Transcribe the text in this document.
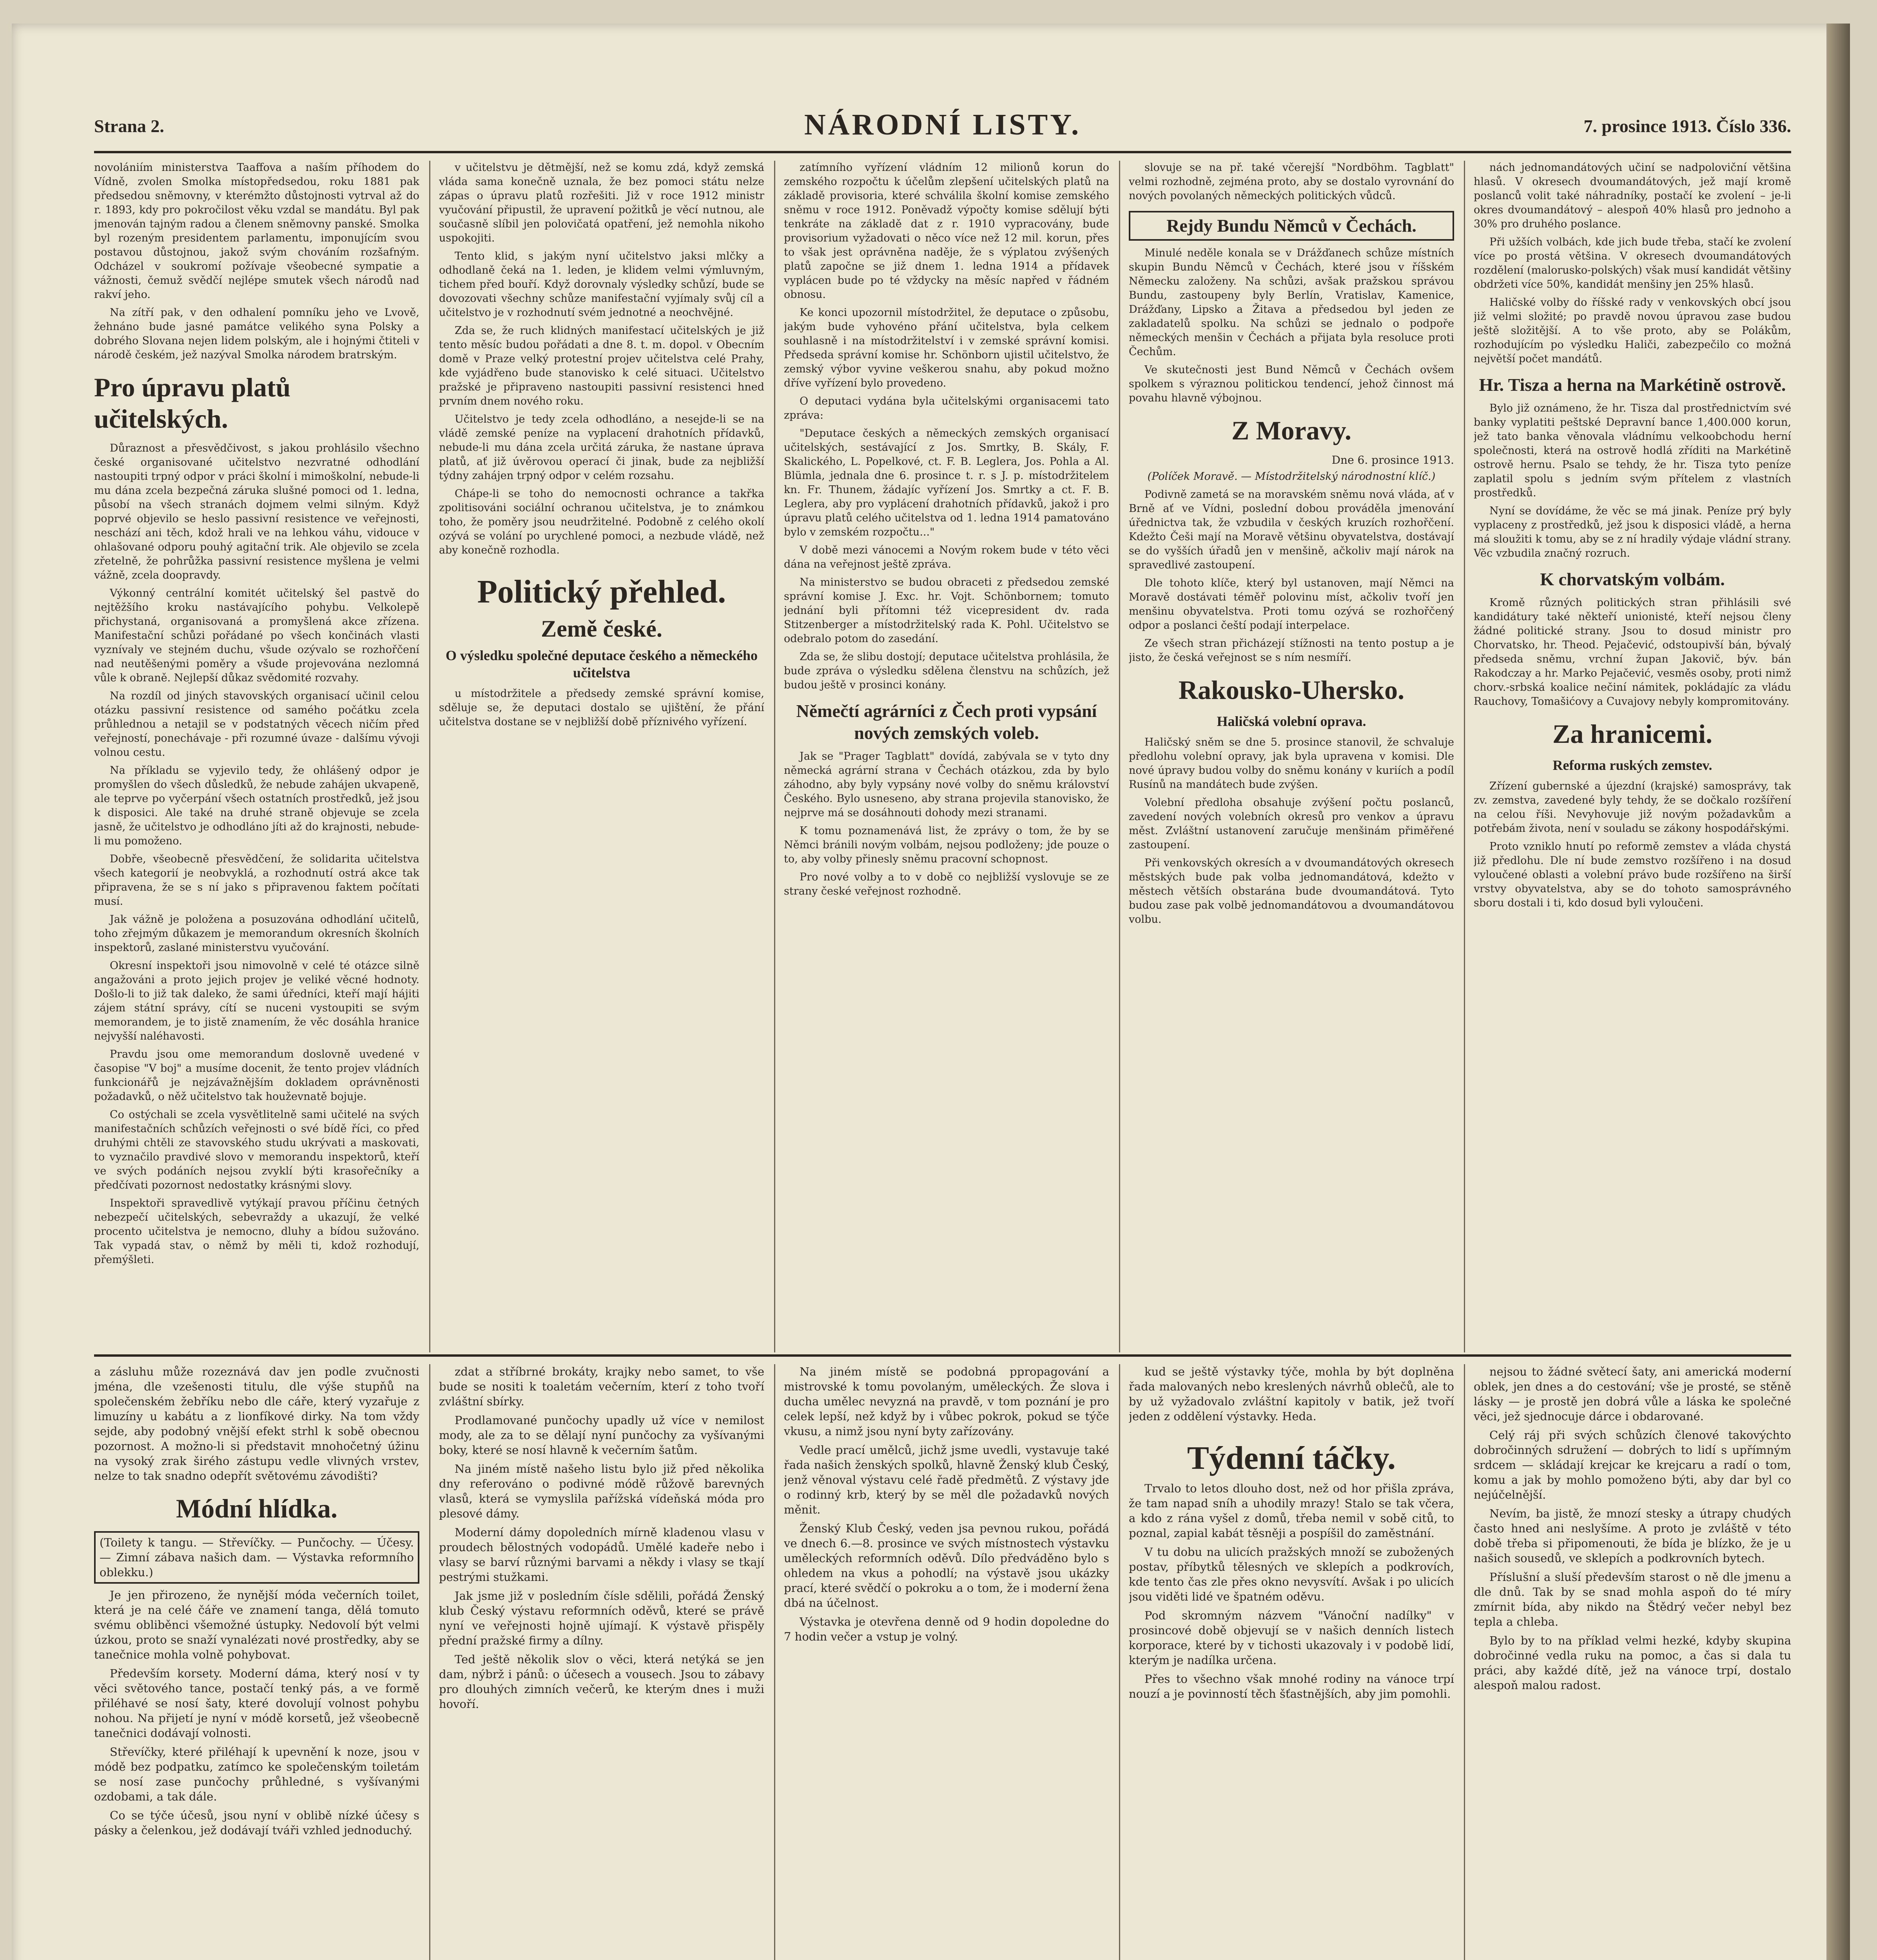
Strana 2.	NÁRODNÍ LISTY.	7. prosince 1913. Číslo 336.

novolániím ministerstva Taaffova a naším příhodem do Vídně, zvolen Smolka místopředsedou, roku 1881 pak předsedou sněmovny, v kterémžto důstojnosti vytrval až do r. 1893, kdy pro pokročilost věku vzdal se mandátu. Byl pak jmenován tajným radou a členem sněmovny panské. Smolka byl rozeným presidentem parlamentu, imponujícím svou postavou důstojnou, jakož svým chováním rozšafným. Odcházel v soukromí požívaje všeobecné sympatie a vážnosti, čemuž svědčí nejlépe smutek všech národů nad rakví jeho.

Na zítří pak, v den odhalení pomníku jeho ve Lvově, žehnáno bude jasné památce velikého syna Polsky a dobrého Slovana nejen lidem polským, ale i hojnými čtiteli v národě českém, jež nazýval Smolka národem bratrským.

Pro úpravu platů učitelských.

Důraznost a přesvědčivost, s jakou prohlásilo všechno české organisované učitelstvo nezvratné odhodlání nastoupiti trpný odpor v práci školní i mimoškolní, nebude-li mu dána zcela bezpečná záruka slušné pomoci od 1. ledna, působí na všech stranách dojmem velmi silným. Když poprvé objevilo se heslo passivní resistence ve veřejnosti, neschází ani těch, kdož hrali ve na lehkou váhu, vidouce v ohlašované odporu pouhý agitační trik. Ale objevilo se zcela zřetelně, že pohrůžka passivní resistence myšlena je velmi vážně, zcela doopravdy.

Výkonný centrální komitét učitelský šel pastvě do nejtěžšího kroku nastávajícího pohybu. Velkolepě přichystaná, organisovaná a promyšlená akce zřízena. Manifestační schůzi pořádané po všech končinách vlasti vyznívaly ve stejném duchu, všude ozývalo se rozhořčení nad neutěšenými poměry a všude projevována nezlomná vůle k obraně. Nejlepší důkaz svědomité rozvahy.

Na rozdíl od jiných stavovských organisací učinil celou otázku passivní resistence od samého počátku zcela průhlednou a netajil se v podstatných věcech ničím před veřejností, ponechávaje - při rozumné úvaze - dalšímu vývoji volnou cestu.

Na příkladu se vyjevilo tedy, že ohlášený odpor je promyšlen do všech důsledků, že nebude zahájen ukvapeně, ale teprve po vyčerpání všech ostatních prostředků, jež jsou k disposici. Ale také na druhé straně objevuje se zcela jasně, že učitelstvo je odhodláno jíti až do krajnosti, nebude-li mu pomoženo.

Dobře, všeobecně přesvědčení, že solidarita učitelstva všech kategorií je neobvyklá, a rozhodnutí ostrá akce tak připravena, že se s ní jako s připravenou faktem počítati musí.

Jak vážně je položena a posuzována odhodlání učitelů, toho zřejmým důkazem je memorandum okresních školních inspektorů, zaslané ministerstvu vyučování.

Okresní inspektoři jsou nimovolně v celé té otázce silně angažováni a proto jejich projev je veliké věcné hodnoty. Došlo-li to již tak daleko, že sami úředníci, kteří mají hájiti zájem státní správy, cítí se nuceni vystoupiti se svým memorandem, je to jistě znamením, že věc dosáhla hranice nejvyšší naléhavosti.

Pravdu jsou ome memorandum doslovně uvedené v časopise "V boj" a musíme docenit, že tento projev vládních funkcionářů je nejzávažnějším dokladem oprávněnosti požadavků, o něž učitelstvo tak houževnatě bojuje.

Co ostýchali se zcela vysvětlitelně sami učitelé na svých manifestačních schůzích veřejnosti o své bídě říci, co před druhými chtěli ze stavovského studu ukrývati a maskovati, to vyznačilo pravdivé slovo v memorandu inspektorů, kteří ve svých podáních nejsou zvyklí býti krasořečníky a předčívati pozornost nedostatky krásnými slovy.

Inspektoři spravedlivě vytýkají pravou příčinu četných nebezpečí učitelských, sebevraždy a ukazují, že velké procento učitelstva je nemocno, dluhy a bídou sužováno. Tak vypadá stav, o němž by měli ti, kdož rozhodují, přemýšleti.

v učitelstvu je dětmější, než se komu zdá, když zemská vláda sama konečně uznala, že bez pomoci státu nelze zápas o úpravu platů rozřešiti. Již v roce 1912 ministr vyučování připustil, že upravení požitků je věcí nutnou, ale současně slíbil jen polovičatá opatření, jež nemohla nikoho uspokojiti.

Tento klid, s jakým nyní učitelstvo jaksi mlčky a odhodlaně čeká na 1. leden, je klidem velmi výmluvným, tichem před bouří. Když dorovnaly výsledky schůzí, bude se dovozovati všechny schůze manifestační vyjímaly svůj cíl a učitelstvo je v rozhodnutí svém jednotné a neochvějné.

Zda se, že ruch klidných manifestací učitelských je již tento měsíc budou pořádati a dne 8. t. m. dopol. v Obecním domě v Praze velký protestní projev učitelstva celé Prahy, kde vyjádřeno bude stanovisko k celé situaci. Učitelstvo pražské je připraveno nastoupiti passivní resistenci hned prvním dnem nového roku.

Učitelstvo je tedy zcela odhodláno, a nesejde-li se na vládě zemské peníze na vyplacení drahotních přídavků, nebude-li mu dána zcela určitá záruka, že nastane úprava platů, ať již úvěrovou operací či jinak, bude za nejbližší týdny zahájen trpný odpor v celém rozsahu.

Chápe-li se toho do nemocnosti ochrance a takřka zpolitisováni sociální ochranou učitelstva, je to známkou toho, že poměry jsou neudržitelné. Podobně z celého okolí ozývá se volání po urychlené pomoci, a nezbude vládě, než aby konečně rozhodla.

Politický přehled.
Země české.
O výsledku společné deputace českého a německého učitelstva

u místodržitele a předsedy zemské správní komise, sděluje se, že deputaci dostalo se ujištění, že přání učitelstva dostane se v nejbližší době příznivého vyřízení.

zatímního vyřízení vládním 12 milionů korun do zemského rozpočtu k účelům zlepšení učitelských platů na základě provisoria, které schválila školní komise zemského sněmu v roce 1912. Poněvadž výpočty komise sdělují býti tenkráte na základě dat z r. 1910 vypracovány, bude provisorium vyžadovati o něco více než 12 mil. korun, přes to však jest oprávněna naděje, že s výplatou zvýšených platů započne se již dnem 1. ledna 1914 a přídavek vyplácen bude po té vždycky na měsíc napřed v řádném obnosu.

Ke konci upozornil místodržitel, že deputace o způsobu, jakým bude vyhovéno přání učitelstva, byla celkem souhlasně i na místodržitelství i v zemské správní komisi. Předseda správní komise hr. Schönborn ujistil učitelstvo, že zemský výbor vyvine veškerou snahu, aby pokud možno dříve vyřízení bylo provedeno.

O deputaci vydána byla učitelskými organisacemi tato zpráva:

"Deputace českých a německých zemských organisací učitelských, sestávající z Jos. Smrtky, B. Skály, F. Skalického, L. Popelkové, ct. F. B. Leglera, Jos. Pohla a Al. Blümla, jednala dne 6. prosince t. r. s J. p. místodržitelem kn. Fr. Thunem, žádajíc vyřízení Jos. Smrtky a ct. F. B. Leglera, aby pro vyplácení drahotních přídavků, jakož i pro úpravu platů celého učitelstva od 1. ledna 1914 pamatováno bylo v zemském rozpočtu..."

V době mezi vánocemi a Novým rokem bude v této věci dána na veřejnost ještě zpráva.

Na ministerstvo se budou obraceti z předsedou zemské správní komise J. Exc. hr. Vojt. Schönbornem; tomuto jednání byli přítomni též vicepresident dv. rada Stitzenberger a místodržitelský rada K. Pohl. Učitelstvo se odebralo potom do zasedání.

Zda se, že slibu dostojí; deputace učitelstva prohlásila, že bude zpráva o výsledku sdělena členstvu na schůzích, jež budou ještě v prosinci konány.

Němečtí agrárníci z Čech proti vypsání nových zemských voleb.

Jak se "Prager Tagblatt" dovídá, zabývala se v tyto dny německá agrární strana v Čechách otázkou, zda by bylo záhodno, aby byly vypsány nové volby do sněmu království Českého. Bylo usneseno, aby strana projevila stanovisko, že nejprve má se dosáhnouti dohody mezi stranami.

K tomu poznamenává list, že zprávy o tom, že by se Němci bránili novým volbám, nejsou podloženy; jde pouze o to, aby volby přinesly sněmu pracovní schopnost.

Pro nové volby a to v době co nejbližší vyslovuje se ze strany české veřejnost rozhodně.

slovuje se na př. také včerejší "Nordböhm. Tagblatt" velmi rozhodně, zejména proto, aby se dostalo vyrovnání do nových povolaných německých politických vůdců.

Rejdy Bundu Němců v Čechách.

Minulé neděle konala se v Drážďanech schůze místních skupin Bundu Němců v Čechách, které jsou v říšském Německu založeny. Na schůzi, avšak pražskou správou Bundu, zastoupeny byly Berlín, Vratislav, Kamenice, Drážďany, Lipsko a Žitava a předsedou byl jeden ze zakladatelů spolku. Na schůzi se jednalo o podpoře německých menšin v Čechách a přijata byla resoluce proti Čechům.

Ve skutečnosti jest Bund Němců v Čechách ovšem spolkem s výraznou politickou tendencí, jehož činnost má povahu hlavně výbojnou.

Z Moravy.
Dne 6. prosince 1913.

(Políček Moravě. — Místodržitelský národnostní klíč.)

Podivně zametá se na moravském sněmu nová vláda, ať v Brně ať ve Vídni, poslední dobou prováděla jmenování úřednictva tak, že vzbudila v českých kruzích rozhořčení. Kdežto Češi mají na Moravě většinu obyvatelstva, dostávají se do vyšších úřadů jen v menšině, ačkoliv mají nárok na spravedlivé zastoupení.

Dle tohoto klíče, který byl ustanoven, mají Němci na Moravě dostávati téměř polovinu míst, ačkoliv tvoří jen menšinu obyvatelstva. Proti tomu ozývá se rozhořčený odpor a poslanci čeští podají interpelace.

Ze všech stran přicházejí stížnosti na tento postup a je jisto, že česká veřejnost se s ním nesmíří.

Rakousko-Uhersko.
Haličská volební oprava.

Haličský sněm se dne 5. prosince stanovil, že schvaluje předlohu volební opravy, jak byla upravena v komisi. Dle nové úpravy budou volby do sněmu konány v kuriích a podíl Rusínů na mandátech bude zvýšen.

Volební předloha obsahuje zvýšení počtu poslanců, zavedení nových volebních okresů pro venkov a úpravu měst. Zvláštní ustanovení zaručuje menšinám přiměřené zastoupení.

Při venkovských okresích a v dvoumandátových okresech městských bude pak volba jednomandátová, kdežto v městech větších obstarána bude dvoumandátová. Tyto budou zase pak volbě jednomandátovou a dvoumandátovou volbu.

nách jednomandátových učiní se nadpoloviční většina hlasů. V okresech dvoumandátových, jež mají kromě poslanců volit také náhradníky, postačí ke zvolení – je-li okres dvoumandátový – alespoň 40% hlasů pro jednoho a 30% pro druhého poslance.

Při užších volbách, kde jich bude třeba, stačí ke zvolení více po prostá většina. V okresech dvoumandátových rozdělení (malorusko-polských) však musí kandidát většiny obdržeti více 50%, kandidát menšiny jen 25% hlasů.

Haličské volby do říšské rady v venkovských obcí jsou již velmi složité; po pravdě novou úpravou zase budou ještě složitější. A to vše proto, aby se Polákům, rozhodujícím po výsledku Haliči, zabezpečilo co možná největší počet mandátů.

Hr. Tisza a herna na Markétině ostrově.

Bylo již oznámeno, že hr. Tisza dal prostřednictvím své banky vyplatiti peštské Depravní bance 1,400.000 korun, jež tato banka věnovala vládnímu velkoobchodu herní společnosti, která na ostrově hodlá zříditi na Markétině ostrově hernu. Psalo se tehdy, že hr. Tisza tyto peníze zaplatil spolu s jedním svým přítelem z vlastních prostředků.

Nyní se dovídáme, že věc se má jinak. Peníze prý byly vyplaceny z prostředků, jež jsou k disposici vládě, a herna má sloužiti k tomu, aby se z ní hradily výdaje vládní strany. Věc vzbudila značný rozruch.

K chorvatským volbám.

Kromě různých politických stran přihlásili své kandidátury také někteří unionisté, kteří nejsou členy žádné politické strany. Jsou to dosud ministr pro Chorvatsko, hr. Theod. Pejačević, odstoupivší bán, bývalý předseda sněmu, vrchní župan Jakovič, býv. bán Rakodczay a hr. Marko Pejačević, vesměs osoby, proti nimž chorv.-srbská koalice nečiní námitek, pokládajíc za vládu Rauchovy, Tomašićovy a Cuvajovy nebyly kompromitovány.

Za hranicemi.
Reforma ruských zemstev.

Zřízení gubernské a újezdní (krajské) samosprávy, tak zv. zemstva, zavedené byly tehdy, že se dočkalo rozšíření na celou říši. Nevyhovuje již novým požadavkům a potřebám života, není v souladu se zákony hospodářskými.

Proto vzniklo hnutí po reformě zemstev a vláda chystá již předlohu. Dle ní bude zemstvo rozšířeno i na dosud vyloučené oblasti a volební právo bude rozšířeno na širší vrstvy obyvatelstva, aby se do tohoto samosprávného sboru dostali i ti, kdo dosud byli vyloučeni.

a zásluhu může rozeznává dav jen podle zvučnosti jména, dle vzešenosti titulu, dle výše stupňů na společenském žebříku nebo dle cáře, který vyzařuje z limuzíny u kabátu a z lionfíkové dirky. Na tom vždy sejde, aby podobný vnější efekt strhl k sobě obecnou pozornost. A možno-li si představit mnohočetný úžinu na vysoký zrak širého zástupu vedle vlivných vrstev, nelze to tak snadno odepřít světovému závodišti?

Módní hlídka.

(Toilety k tangu. — Střevíčky. — Punčochy. — Účesy. — Zimní zábava našich dam. — Výstavka reformního oblekku.)

Je jen přirozeno, že nynější móda večerních toilet, která je na celé čáře ve znamení tanga, dělá tomuto svému obliběnci všemožné ústupky. Nedovolí být velmi úzkou, proto se snaží vynalézati nové prostředky, aby se tanečnice mohla volně pohybovat.

Především korsety. Moderní dáma, který nosí v ty věci světového tance, postačí tenký pás, a ve formě přiléhavé se nosí šaty, které dovolují volnost pohybu nohou. Na přijetí je nyní v módě korsetů, jež všeobecně tanečnici dodávají volnosti.

Střevíčky, které přiléhají k upevnění k noze, jsou v módě bez podpatku, zatímco ke společenským toiletám se nosí zase punčochy průhledné, s vyšívanými ozdobami, a tak dále.

Co se týče účesů, jsou nyní v oblibě nízké účesy s pásky a čelenkou, jež dodávají tváři vzhled jednoduchý.

zdat a stříbrné brokáty, krajky nebo samet, to vše bude se nositi k toaletám večerním, kterí z toho tvoří zvláštní sbírky.

Prodlamované punčochy upadly už více v nemilost mody, ale za to se dělají nyní punčochy za vyšívanými boky, které se nosí hlavně k večerním šatům.

Na jiném místě našeho listu bylo již před několika dny referováno o podivné módě růžově barevných vlasů, která se vymyslila pařížská vídeňská móda pro plesové dámy.

Moderní dámy dopoledních mírně kladenou vlasu v proudech bělostných vodopádů. Umělé kadeře nebo i vlasy se barví různými barvami a někdy i vlasy se tkají pestrými stužkami.

Jak jsme již v posledním čísle sdělili, pořádá Ženský klub Český výstavu reformních oděvů, které se právě nyní ve veřejnosti hojně ujímají. K výstavě přispěly přední pražské firmy a dílny.

Ted ještě několik slov o věci, která netýká se jen dam, nýbrž i pánů: o účesech a vousech. Jsou to zábavy pro dlouhých zimních večerů, ke kterým dnes i muži hovoří.

Na jiném místě se podobná ppropagování a mistrovské k tomu povolaným, uměleckých. Že slova i ducha umělec nevyzná na pravdě, v tom poznání je pro celek lepší, než když by i vůbec pokrok, pokud se týče vkusu, a nimž jsou nyní byty zařízovány.

Vedle prací umělců, jichž jsme uvedli, vystavuje také řada našich ženských spolků, hlavně Ženský klub Český, jenž věnoval výstavu celé řadě předmětů. Z výstavy jde o rodinný krb, který by se měl dle požadavků nových měnit.

Ženský Klub Český, veden jsa pevnou rukou, pořádá ve dnech 6.—8. prosince ve svých místnostech výstavku uměleckých reformních oděvů. Dílo předváděno bylo s ohledem na vkus a pohodlí; na výstavě jsou ukázky prací, které svědčí o pokroku a o tom, že i moderní žena dbá na účelnost.

Výstavka je otevřena denně od 9 hodin dopoledne do 7 hodin večer a vstup je volný.

kud se ještě výstavky týče, mohla by být doplněna řada malovaných nebo kreslených návrhů oblečů, ale to by už vyžadovalo zvláštní kapitoly v batik, jež tvoří jeden z oddělení výstavky. Heda.

Týdenní táčky.

Trvalo to letos dlouho dost, než od hor přišla zpráva, že tam napad sníh a uhodily mrazy! Stalo se tak včera, a kdo z rána vyšel z domů, třeba nemil v sobě citů, to poznal, zapial kabát těsněji a pospíšil do zaměstnání.

V tu dobu na ulicích pražských množí se zubožených postav, příbytků tělesných ve sklepích a podkrovích, kde tento čas zle přes okno nevysvítí. Avšak i po ulicích jsou viděti lidé ve špatném oděvu.

Pod skromným názvem "Vánoční nadílky" v prosincové době objevují se v našich denních listech korporace, které by v tichosti ukazovaly i v podobě lidí, kterým je nadílka určena.

Přes to všechno však mnohé rodiny na vánoce trpí nouzí a je povinností těch šťastnějších, aby jim pomohli.

nejsou to žádné světecí šaty, ani americká moderní oblek, jen dnes a do cestování; vše je prosté, se stěně lásky — je prostě jen dobrá vůle a láska ke společné věci, jež sjednocuje dárce i obdarované.

Celý ráj při svých schůzích členové takovýchto dobročinných sdružení — dobrých to lidí s upřímným srdcem — skládají krejcar ke krejcaru a radí o tom, komu a jak by mohlo pomoženo býti, aby dar byl co nejúčelnější.

Nevím, ba jistě, že mnozí stesky a útrapy chudých často hned ani neslyšíme. A proto je zvláště v této době třeba si připomenouti, že bída je blízko, že je u našich sousedů, ve sklepích a podkrovních bytech.

Příslušní a sluší především starost o ně dle jmenu a dle dnů. Tak by se snad mohla aspoň do té míry zmírnit bída, aby nikdo na Štědrý večer nebyl bez tepla a chleba.

Bylo by to na příklad velmi hezké, kdyby skupina dobročinné vedla ruku na pomoc, a čas si dala tu práci, aby každé dítě, jež na vánoce trpí, dostalo alespoň malou radost.
